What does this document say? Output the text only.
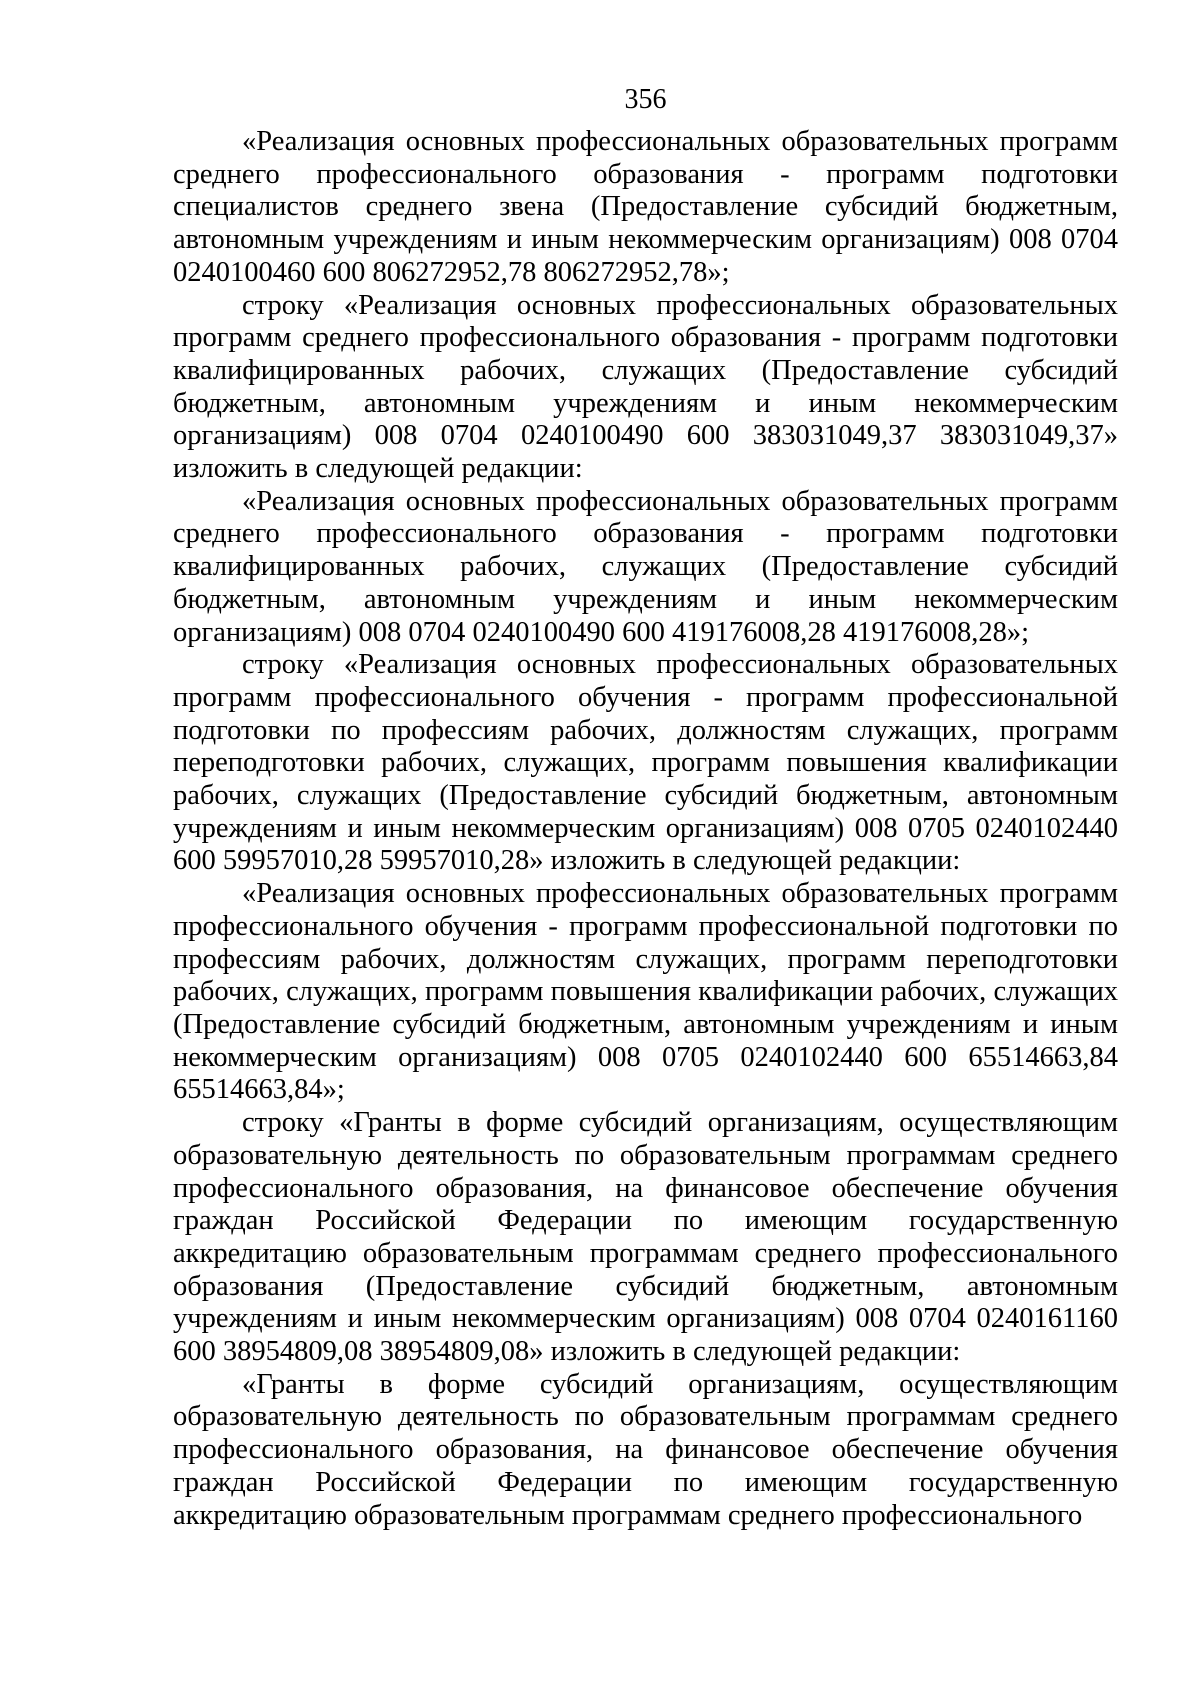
356

«Реализация основных профессиональных образовательных программ среднего профессионального образования - программ подготовки специалистов среднего звена (Предоставление субсидий бюджетным, автономным учреждениям и иным некоммерческим организациям) 008 0704 0240100460 600 806272952,78 806272952,78»;

строку «Реализация основных профессиональных образовательных программ среднего профессионального образования - программ подготовки квалифицированных рабочих, служащих (Предоставление субсидий бюджетным, автономным учреждениям и иным некоммерческим организациям) 008 0704 0240100490 600 383031049,37 383031049,37» изложить в следующей редакции:

«Реализация основных профессиональных образовательных программ среднего профессионального образования - программ подготовки квалифицированных рабочих, служащих (Предоставление субсидий бюджетным, автономным учреждениям и иным некоммерческим организациям) 008 0704 0240100490 600 419176008,28 419176008,28»;

строку «Реализация основных профессиональных образовательных программ профессионального обучения - программ профессиональной подготовки по профессиям рабочих, должностям служащих, программ переподготовки рабочих, служащих, программ повышения квалификации рабочих, служащих (Предоставление субсидий бюджетным, автономным учреждениям и иным некоммерческим организациям) 008 0705 0240102440 600 59957010,28 59957010,28» изложить в следующей редакции:

«Реализация основных профессиональных образовательных программ профессионального обучения - программ профессиональной подготовки по профессиям рабочих, должностям служащих, программ переподготовки рабочих, служащих, программ повышения квалификации рабочих, служащих (Предоставление субсидий бюджетным, автономным учреждениям и иным некоммерческим организациям) 008 0705 0240102440 600 65514663,84 65514663,84»;

строку «Гранты в форме субсидий организациям, осуществляющим образовательную деятельность по образовательным программам среднего профессионального образования, на финансовое обеспечение обучения граждан Российской Федерации по имеющим государственную аккредитацию образовательным программам среднего профессионального образования (Предоставление субсидий бюджетным, автономным учреждениям и иным некоммерческим организациям) 008 0704 0240161160 600 38954809,08 38954809,08» изложить в следующей редакции:

«Гранты в форме субсидий организациям, осуществляющим образовательную деятельность по образовательным программам среднего профессионального образования, на финансовое обеспечение обучения граждан Российской Федерации по имеющим государственную аккредитацию образовательным программам среднего профессионального
